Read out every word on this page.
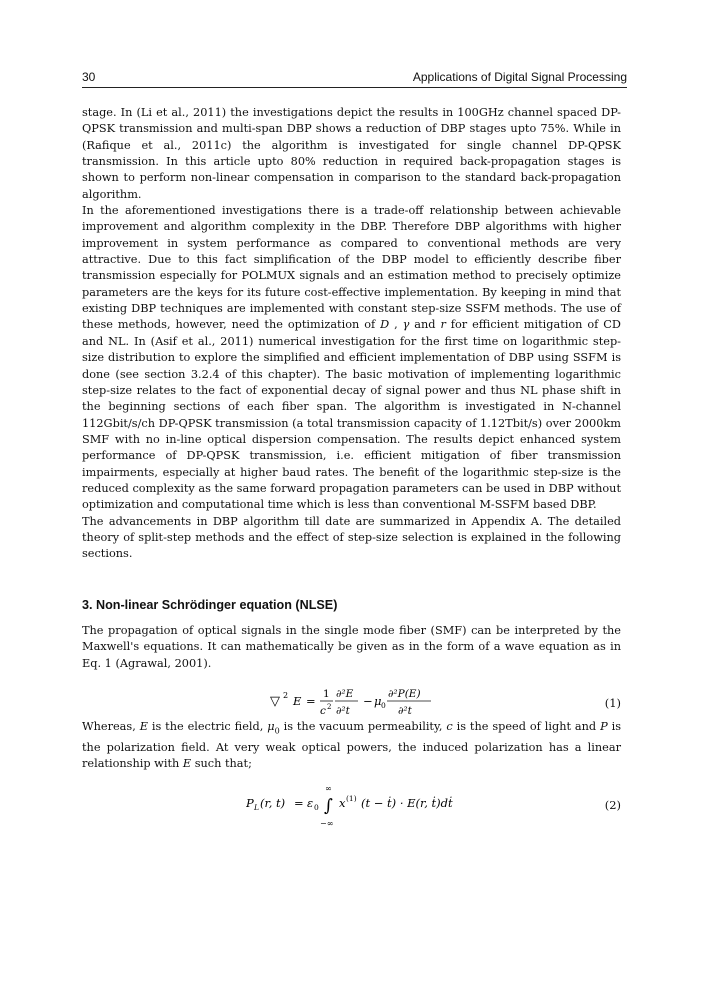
30	Applications of Digital Signal Processing

stage. In (Li et al., 2011) the investigations depict the results in 100GHz channel spaced DP-QPSK transmission and multi-span DBP shows a reduction of DBP stages upto 75%. While in (Rafique et al., 2011c) the algorithm is investigated for single channel DP-QPSK transmission. In this article upto 80% reduction in required back-propagation stages is shown to perform non-linear compensation in comparison to the standard back-propagation algorithm.

In the aforementioned investigations there is a trade-off relationship between achievable improvement and algorithm complexity in the DBP. Therefore DBP algorithms with higher improvement in system performance as compared to conventional methods are very attractive. Due to this fact simplification of the DBP model to efficiently describe fiber transmission especially for POLMUX signals and an estimation method to precisely optimize parameters are the keys for its future cost-effective implementation. By keeping in mind that existing DBP techniques are implemented with constant step-size SSFM methods. The use of these methods, however, need the optimization of D , γ and r for efficient mitigation of CD and NL. In (Asif et al., 2011) numerical investigation for the first time on logarithmic step-size distribution to explore the simplified and efficient implementation of DBP using SSFM is done (see section 3.2.4 of this chapter). The basic motivation of implementing logarithmic step-size relates to the fact of exponential decay of signal power and thus NL phase shift in the beginning sections of each fiber span. The algorithm is investigated in N-channel 112Gbit/s/ch DP-QPSK transmission (a total transmission capacity of 1.12Tbit/s) over 2000km SMF with no in-line optical dispersion compensation. The results depict enhanced system performance of DP-QPSK transmission, i.e. efficient mitigation of fiber transmission impairments, especially at higher baud rates. The benefit of the logarithmic step-size is the reduced complexity as the same forward propagation parameters can be used in DBP without optimization and computational time which is less than conventional M-SSFM based DBP.

The advancements in DBP algorithm till date are summarized in Appendix A. The detailed theory of split-step methods and the effect of step-size selection is explained in the following sections.

3. Non-linear Schrödinger equation (NLSE)

The propagation of optical signals in the single mode fiber (SMF) can be interpreted by the Maxwell's equations. It can mathematically be given as in the form of a wave equation as in Eq. 1 (Agrawal, 2001).

▽ 2 E = 1
c 2
∂²E
∂²t
− μ 0
∂²P(E)
∂²t
(1)

Whereas, E is the electric field, $\mu_0$ is the vacuum permeability, c is the speed of light and P is the polarization field. At very weak optical powers, the induced polarization has a linear relationship with E such that;

P L (r, t) = ε 0
∞
∫
−∞
x (1) (t − ṫ) · E(r, ṫ)dṫ	(2)
